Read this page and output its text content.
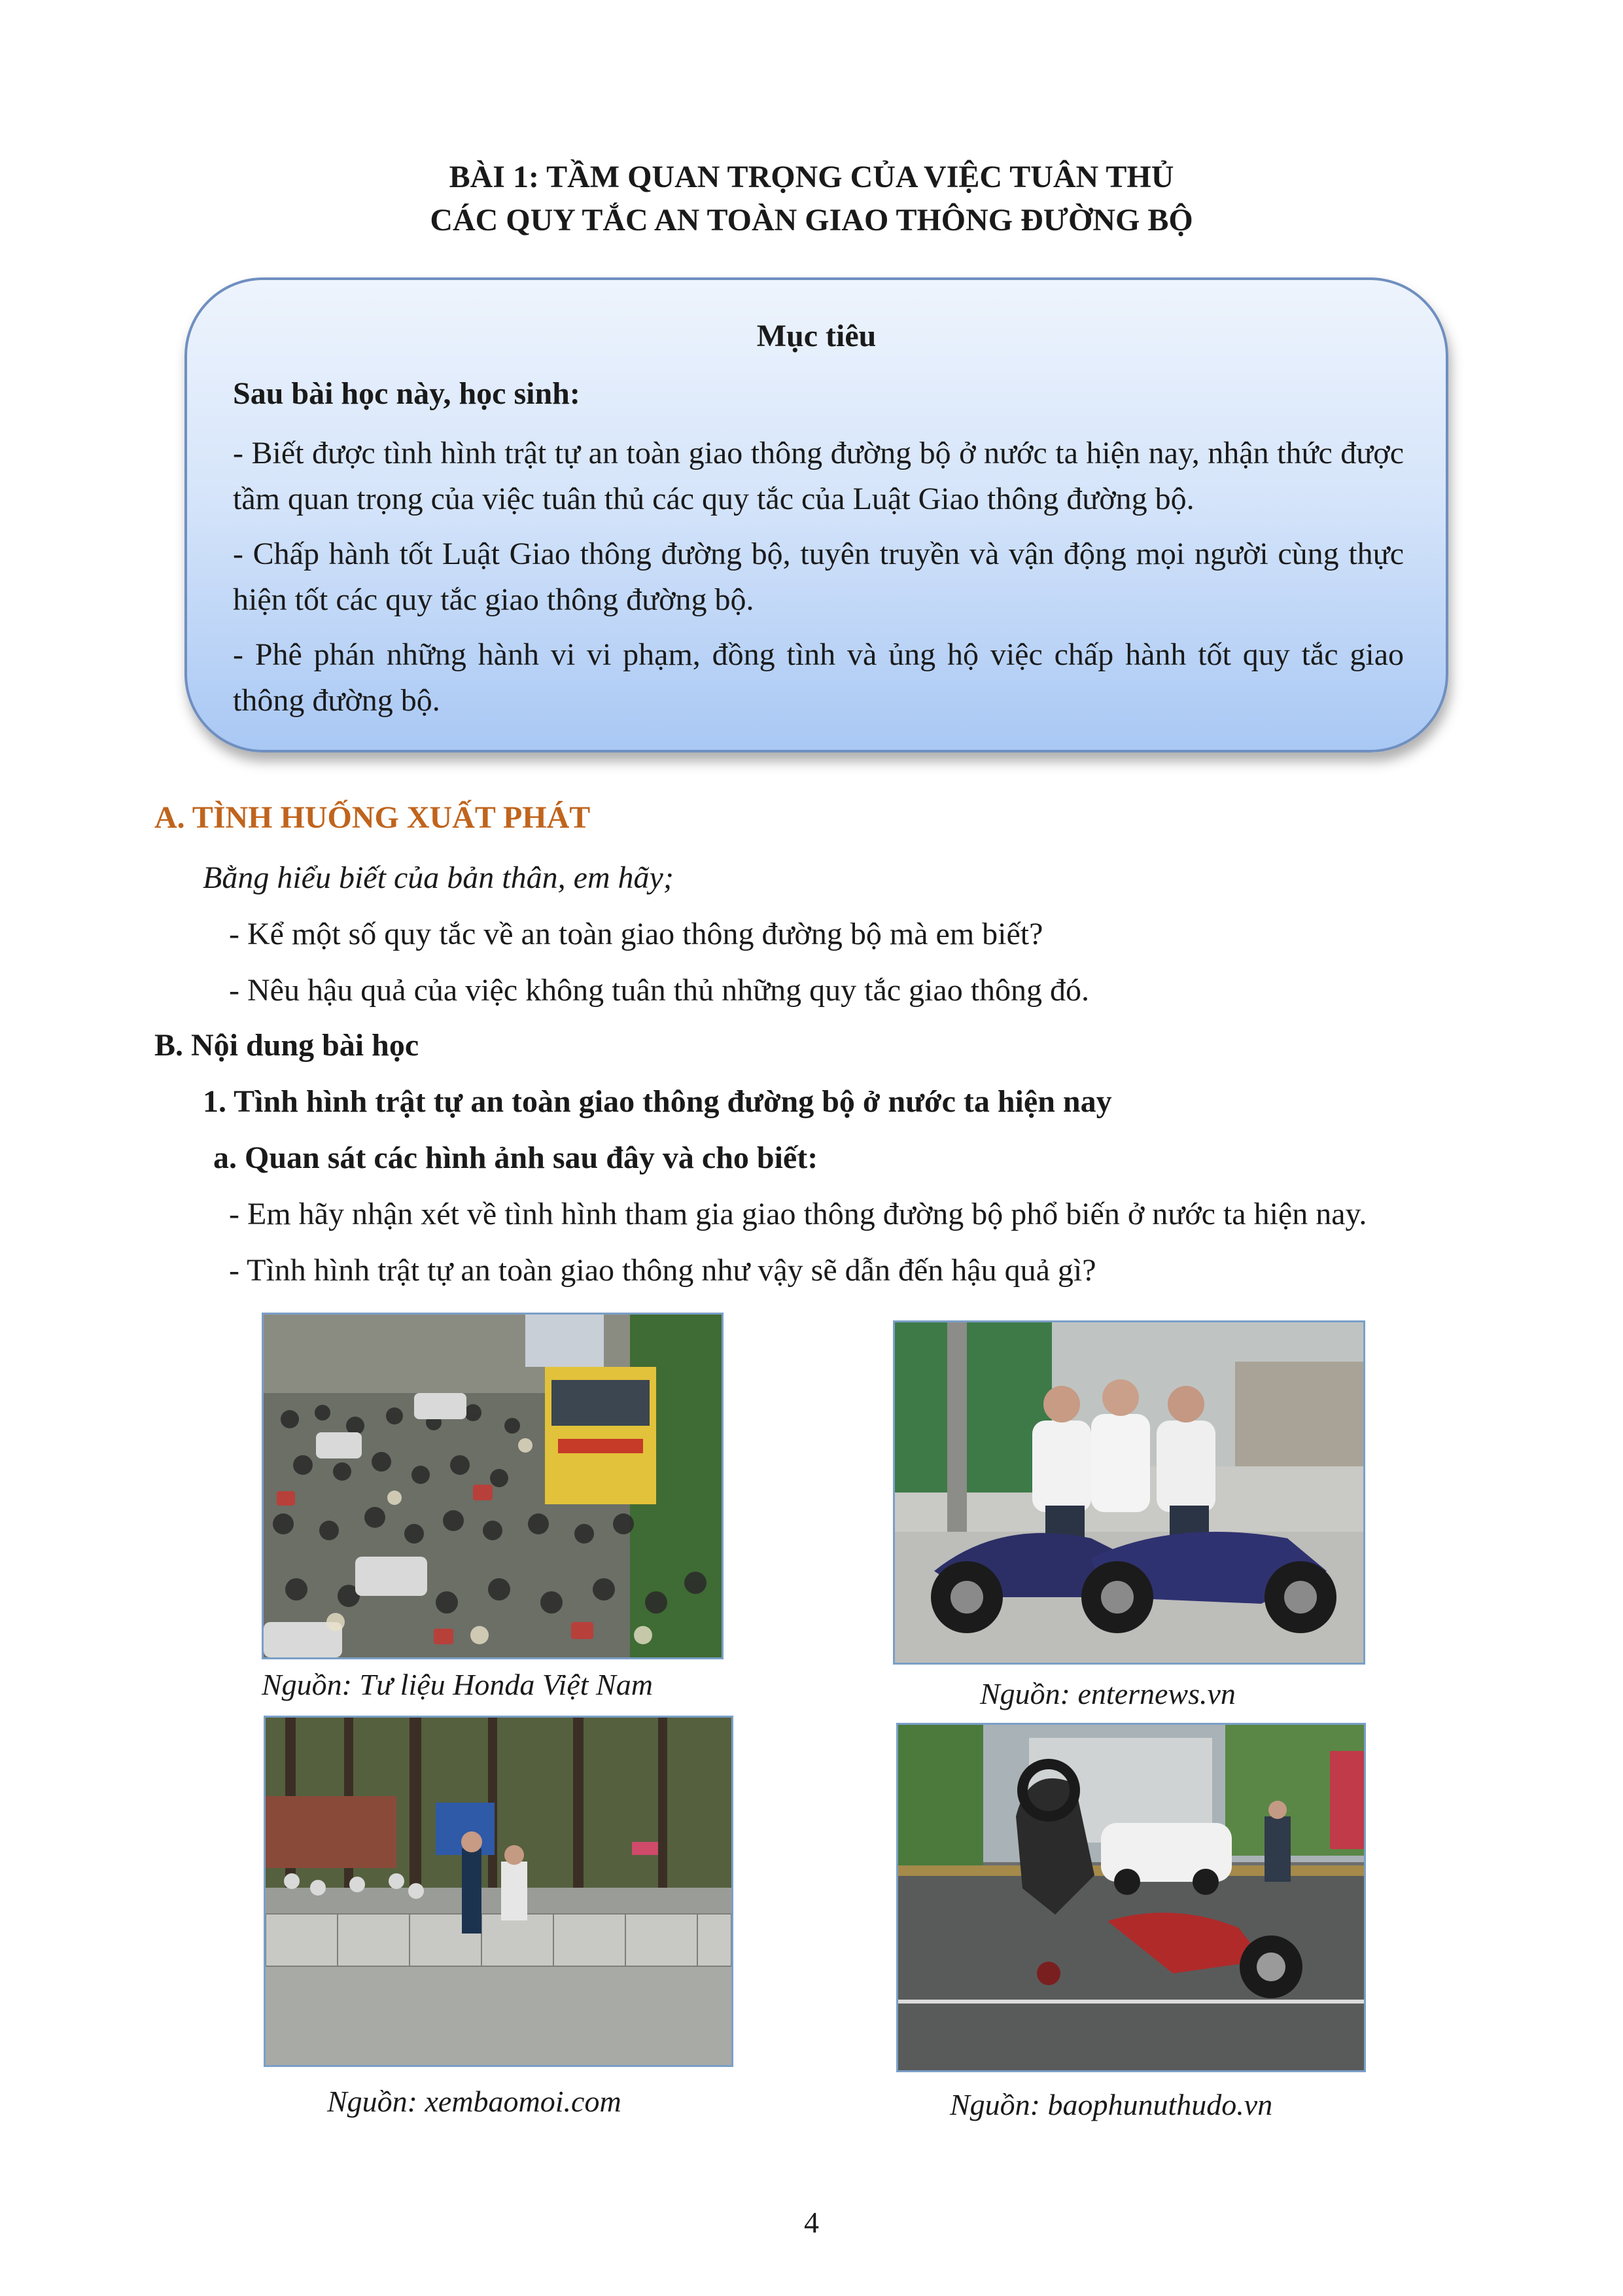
BÀI 1: TẦM QUAN TRỌNG CỦA VIỆC TUÂN THỦ
CÁC QUY TẮC AN TOÀN GIAO THÔNG ĐƯỜNG BỘ
Mục tiêu
Sau bài học này, học sinh:
- Biết được tình hình trật tự an toàn giao thông đường bộ ở nước ta hiện nay, nhận thức được tầm quan trọng của việc tuân thủ các quy tắc của Luật Giao thông đường bộ.
- Chấp hành tốt Luật Giao thông đường bộ, tuyên truyền và vận động mọi người cùng thực hiện tốt các quy tắc giao thông đường bộ.
- Phê phán những hành vi vi phạm, đồng tình và ủng hộ việc chấp hành tốt quy tắc giao thông đường bộ.
A. TÌNH HUỐNG XUẤT PHÁT
Bằng hiểu biết của bản thân, em hãy;
- Kể một số quy tắc về an toàn giao thông đường bộ mà em biết?
- Nêu hậu quả của việc không tuân thủ những quy tắc giao thông đó.
B. Nội dung bài học
1. Tình hình trật tự an toàn giao thông đường bộ ở nước ta hiện nay
a. Quan sát các hình ảnh sau đây và cho biết:
- Em hãy nhận xét về tình hình tham gia giao thông đường bộ phổ biến ở nước ta hiện nay.
- Tình hình trật tự an toàn giao thông như vậy sẽ dẫn đến hậu quả gì?
Nguồn: Tư liệu Honda Việt Nam	Nguồn: enternews.vn
Nguồn: xembaomoi.com	Nguồn: baophunuthudo.vn
4
